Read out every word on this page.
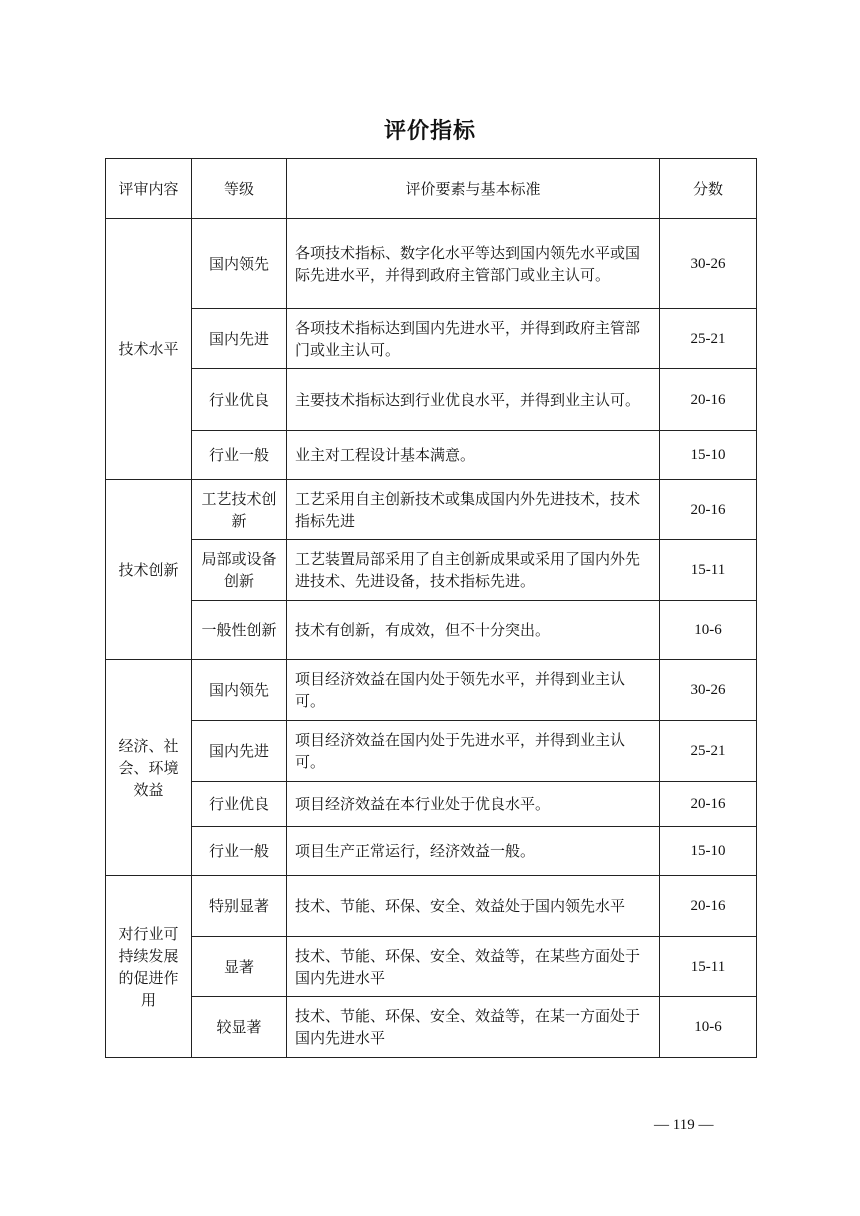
评价指标
评审内容	等级	评价要素与基本标准	分数
技术水平	国内领先	各项技术指标、数字化水平等达到国内领先水平或国际先进水平，并得到政府主管部门或业主认可。	30-26
	国内先进	各项技术指标达到国内先进水平，并得到政府主管部门或业主认可。	25-21
	行业优良	主要技术指标达到行业优良水平，并得到业主认可。	20-16
	行业一般	业主对工程设计基本满意。	15-10
技术创新	工艺技术创新	工艺采用自主创新技术或集成国内外先进技术，技术指标先进	20-16
	局部或设备创新	工艺装置局部采用了自主创新成果或采用了国内外先进技术、先进设备，技术指标先进。	15-11
	一般性创新	技术有创新，有成效，但不十分突出。	10-6
经济、社会、环境效益	国内领先	项目经济效益在国内处于领先水平，并得到业主认可。	30-26
	国内先进	项目经济效益在国内处于先进水平，并得到业主认可。	25-21
	行业优良	项目经济效益在本行业处于优良水平。	20-16
	行业一般	项目生产正常运行，经济效益一般。	15-10
对行业可持续发展的促进作用	特别显著	技术、节能、环保、安全、效益处于国内领先水平	20-16
	显著	技术、节能、环保、安全、效益等，在某些方面处于国内先进水平	15-11
	较显著	技术、节能、环保、安全、效益等，在某一方面处于国内先进水平	10-6
— 119 —
